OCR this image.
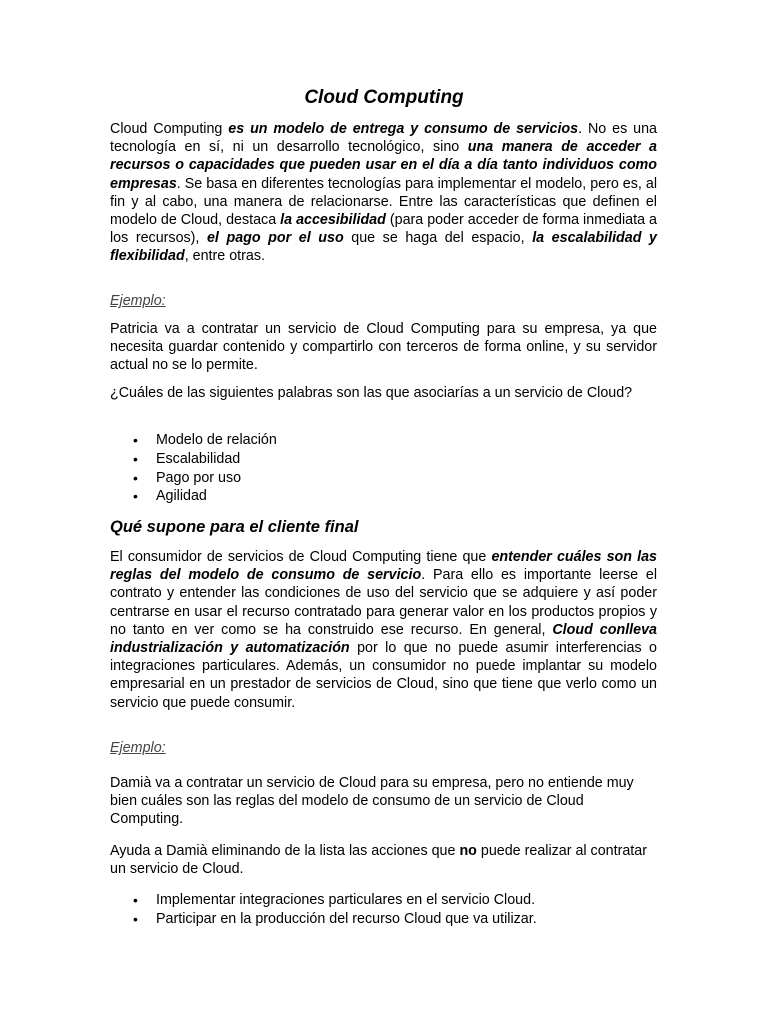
Cloud Computing
Cloud Computing es un modelo de entrega y consumo de servicios. No es una tecnología en sí, ni un desarrollo tecnológico, sino una manera de acceder a recursos o capacidades que pueden usar en el día a día tanto individuos como empresas. Se basa en diferentes tecnologías para implementar el modelo, pero es, al fin y al cabo, una manera de relacionarse. Entre las características que definen el modelo de Cloud, destaca la accesibilidad (para poder acceder de forma inmediata a los recursos), el pago por el uso que se haga del espacio, la escalabilidad y flexibilidad, entre otras.
Ejemplo:
Patricia va a contratar un servicio de Cloud Computing para su empresa, ya que necesita guardar contenido y compartirlo con terceros de forma online, y su servidor actual no se lo permite.
¿Cuáles de las siguientes palabras son las que asociarías a un servicio de Cloud?
• Modelo de relación
• Escalabilidad
• Pago por uso
• Agilidad
Qué supone para el cliente final
El consumidor de servicios de Cloud Computing tiene que entender cuáles son las reglas del modelo de consumo de servicio. Para ello es importante leerse el contrato y entender las condiciones de uso del servicio que se adquiere y así poder centrarse en usar el recurso contratado para generar valor en los productos propios y no tanto en ver como se ha construido ese recurso. En general, Cloud conlleva industrialización y automatización por lo que no puede asumir interferencias o integraciones particulares. Además, un consumidor no puede implantar su modelo empresarial en un prestador de servicios de Cloud, sino que tiene que verlo como un servicio que puede consumir.
Ejemplo:
Damià va a contratar un servicio de Cloud para su empresa, pero no entiende muy bien cuáles son las reglas del modelo de consumo de un servicio de Cloud Computing.
Ayuda a Damià eliminando de la lista las acciones que no puede realizar al contratar un servicio de Cloud.
• Implementar integraciones particulares en el servicio Cloud.
• Participar en la producción del recurso Cloud que va utilizar.
